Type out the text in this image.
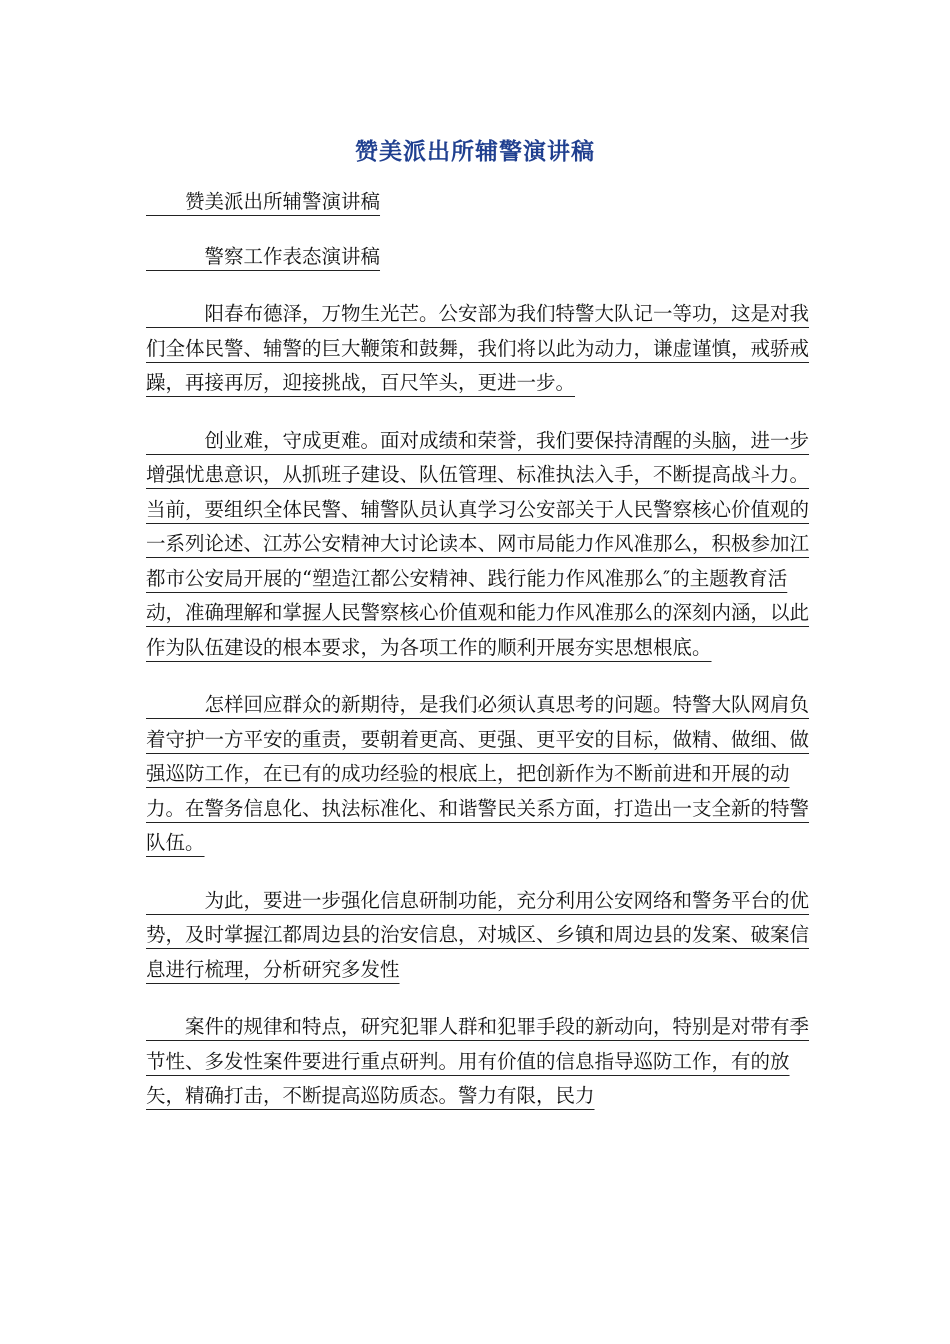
赞美派出所辅警演讲稿

　　赞美派出所辅警演讲稿

　　　警察工作表态演讲稿

　　　阳春布德泽，万物生光芒。公安部为我们特警大队记一等功，这是对我们全体民警、辅警的巨大鞭策和鼓舞，我们将以此为动力，谦虚谨慎，戒骄戒躁，再接再厉，迎接挑战，百尺竿头，更进一步。

　　　创业难，守成更难。面对成绩和荣誉，我们要保持清醒的头脑，进一步增强忧患意识，从抓班子建设、队伍管理、标准执法入手，不断提高战斗力。当前，要组织全体民警、辅警队员认真学习公安部关于人民警察核心价值观的一系列论述、江苏公安精神大讨论读本、网市局能力作风准那么，积极参加江都市公安局开展的“塑造江都公安精神、践行能力作风准那么″的主题教育活动，准确理解和掌握人民警察核心价值观和能力作风准那么的深刻内涵，以此作为队伍建设的根本要求，为各项工作的顺利开展夯实思想根底。

　　　怎样回应群众的新期待，是我们必须认真思考的问题。特警大队网肩负着守护一方平安的重责，要朝着更高、更强、更平安的目标，做精、做细、做强巡防工作，在已有的成功经验的根底上，把创新作为不断前进和开展的动力。在警务信息化、执法标准化、和谐警民关系方面，打造出一支全新的特警队伍。

　　　为此，要进一步强化信息研制功能，充分利用公安网络和警务平台的优势，及时掌握江都周边县的治安信息，对城区、乡镇和周边县的发案、破案信息进行梳理，分析研究多发性

　　案件的规律和特点，研究犯罪人群和犯罪手段的新动向，特别是对带有季节性、多发性案件要进行重点研判。用有价值的信息指导巡防工作，有的放矢，精确打击，不断提高巡防质态。警力有限，民力
